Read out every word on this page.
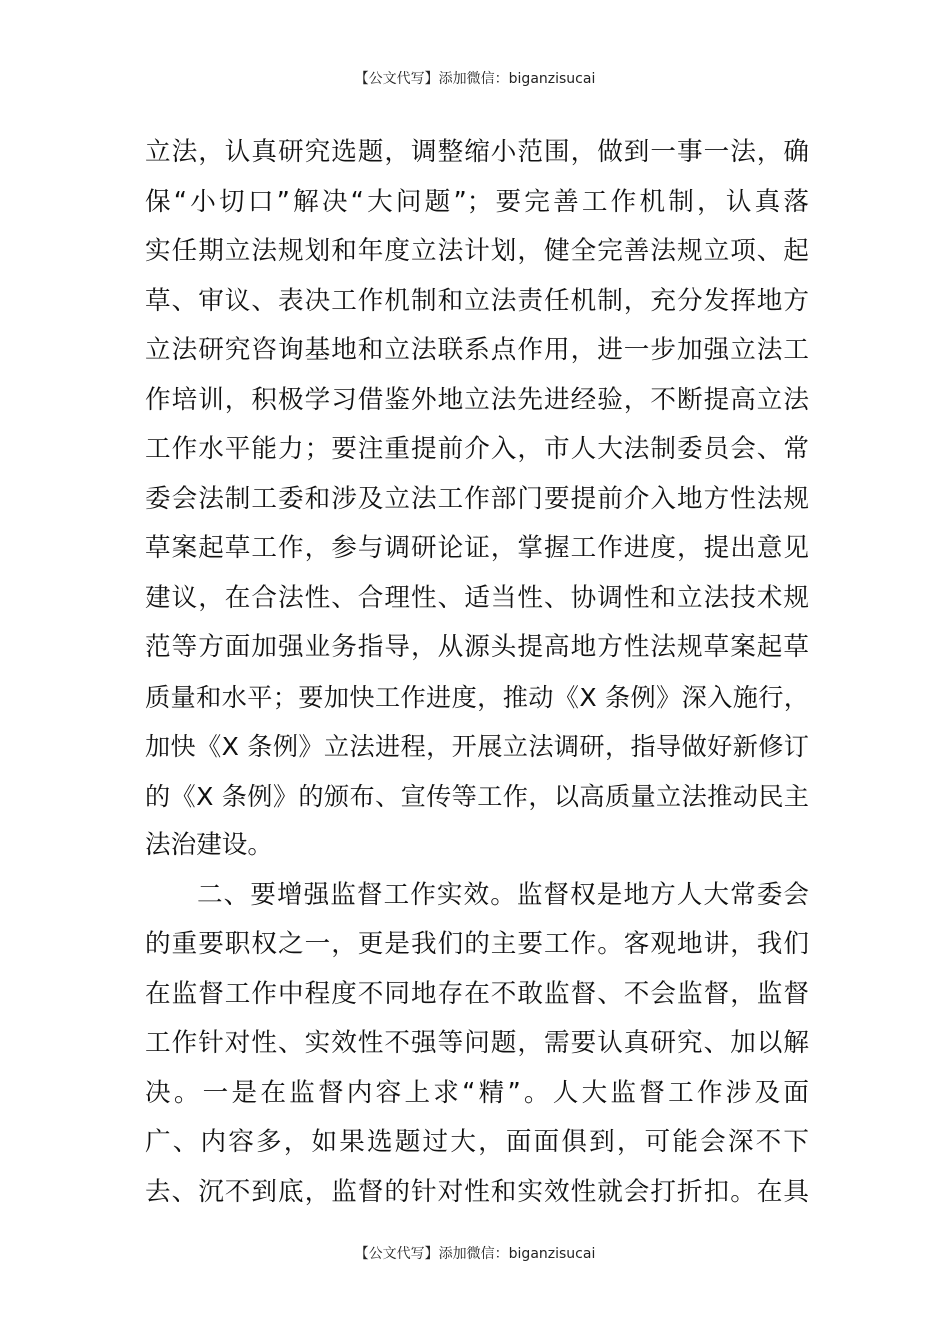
【公文代写】添加微信：biganzisucai
立法，认真研究选题，调整缩小范围，做到一事一法，确
保“小切口”解决“大问题”；要完善工作机制，认真落
实任期立法规划和年度立法计划，健全完善法规立项、起
草、审议、表决工作机制和立法责任机制，充分发挥地方
立法研究咨询基地和立法联系点作用，进一步加强立法工
作培训，积极学习借鉴外地立法先进经验，不断提高立法
工作水平能力；要注重提前介入，市人大法制委员会、常
委会法制工委和涉及立法工作部门要提前介入地方性法规
草案起草工作，参与调研论证，掌握工作进度，提出意见
建议，在合法性、合理性、适当性、协调性和立法技术规
范等方面加强业务指导，从源头提高地方性法规草案起草
质量和水平；要加快工作进度，推动《X 条例》深入施行，
加快《X 条例》立法进程，开展立法调研，指导做好新修订
的《X 条例》的颁布、宣传等工作，以高质量立法推动民主
法治建设。
二、要增强监督工作实效。监督权是地方人大常委会
的重要职权之一，更是我们的主要工作。客观地讲，我们
在监督工作中程度不同地存在不敢监督、不会监督，监督
工作针对性、实效性不强等问题，需要认真研究、加以解
决。一是在监督内容上求“精”。人大监督工作涉及面
广、内容多，如果选题过大，面面俱到，可能会深不下
去、沉不到底，监督的针对性和实效性就会打折扣。在具
【公文代写】添加微信：biganzisucai
